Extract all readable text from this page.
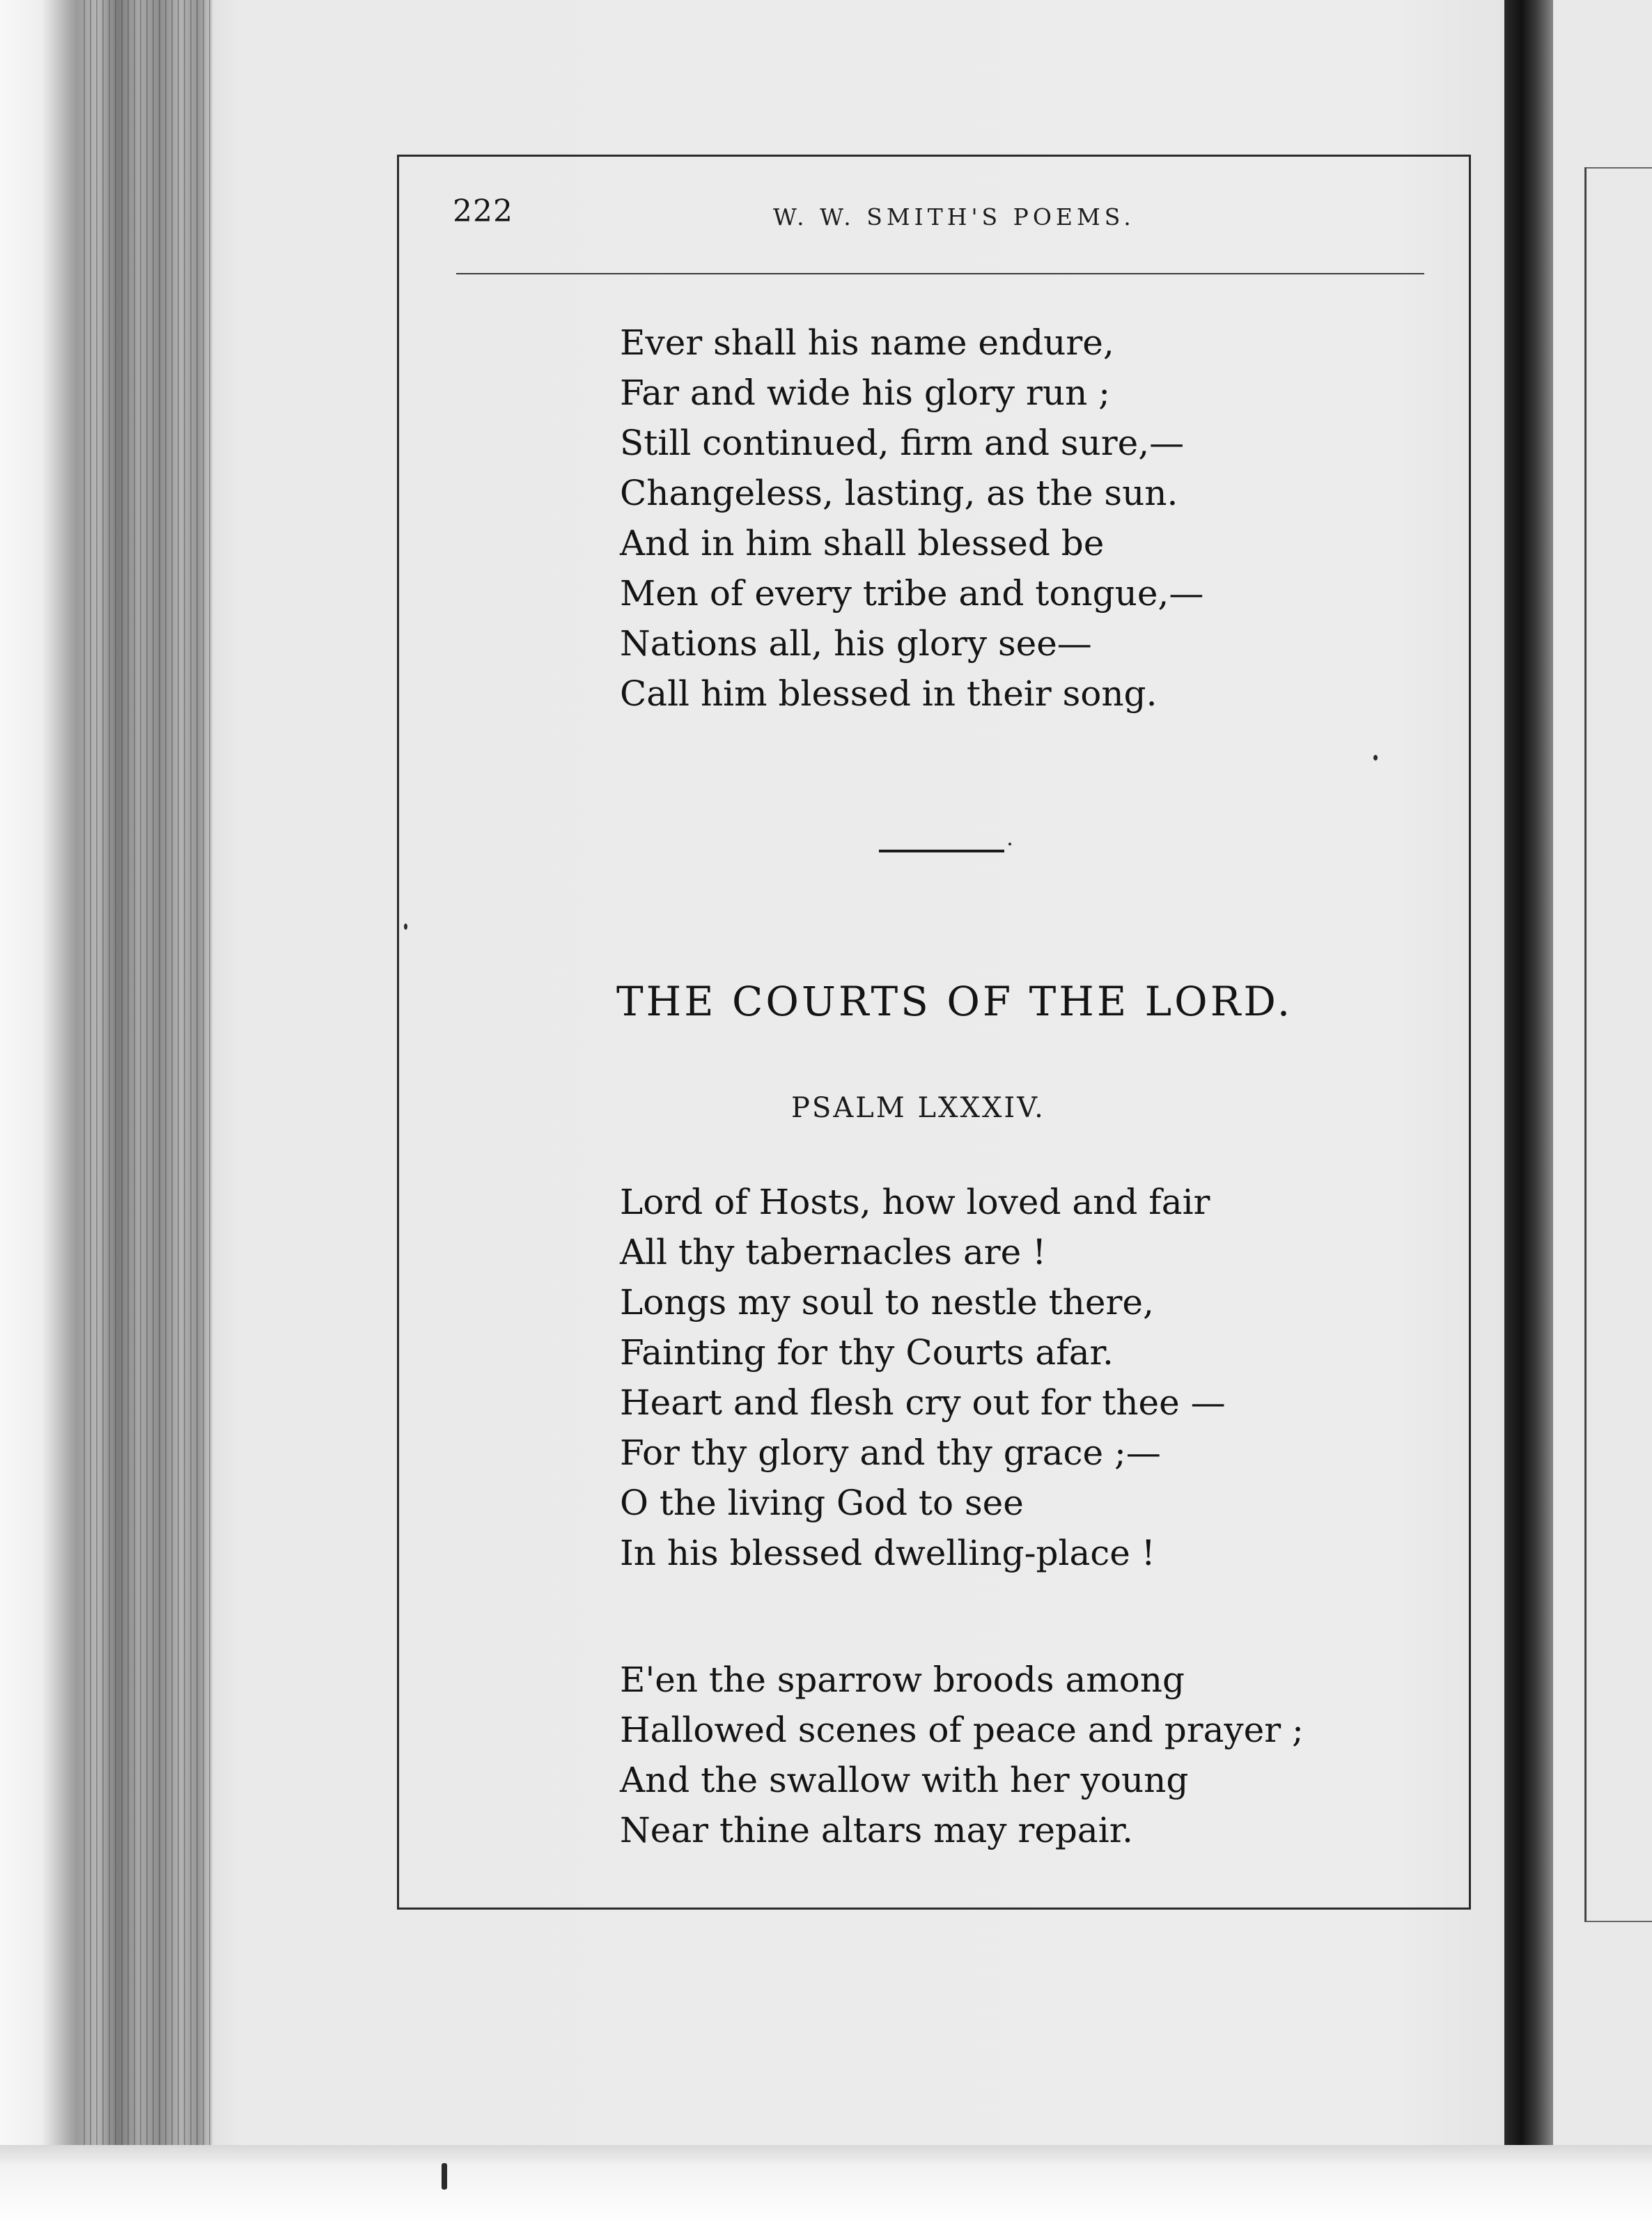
222	W. W. SMITH'S POEMS.
Ever shall his name endure,
Far and wide his glory run ;
Still continued, firm and sure,—
Changeless, lasting, as the sun.
And in him shall blessed be
Men of every tribe and tongue,—
Nations all, his glory see—
Call him blessed in their song.
THE COURTS OF THE LORD.
PSALM LXXXIV.
Lord of Hosts, how loved and fair
All thy tabernacles are !
Longs my soul to nestle there,
Fainting for thy Courts afar.
Heart and flesh cry out for thee —
For thy glory and thy grace ;—
O the living God to see
In his blessed dwelling-place !
E'en the sparrow broods among
Hallowed scenes of peace and prayer ;
And the swallow with her young
Near thine altars may repair.
